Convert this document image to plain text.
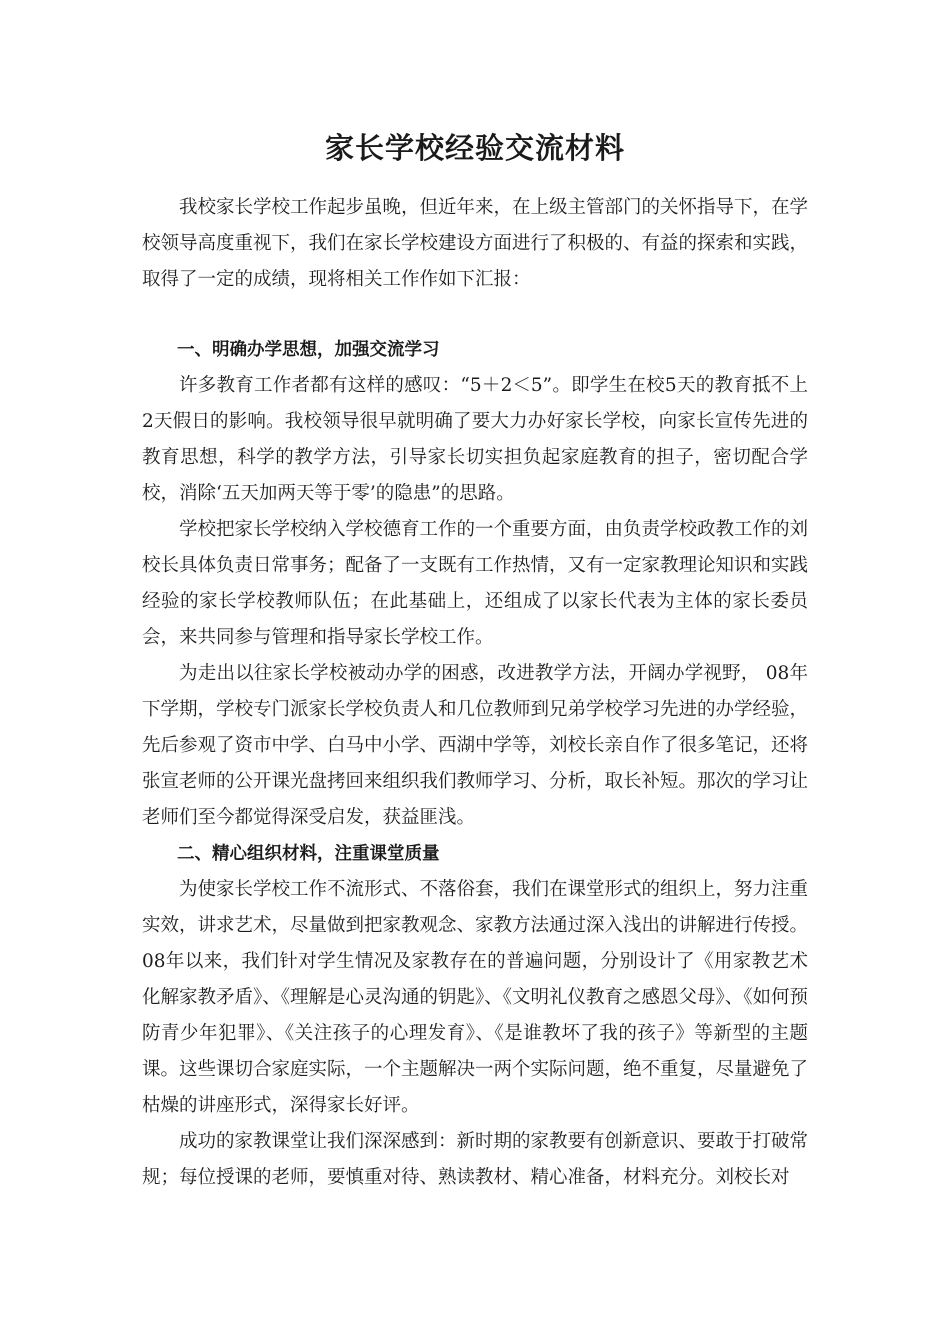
家长学校经验交流材料

我校家长学校工作起步虽晚，但近年来，在上级主管部门的关怀指导下，在学校领导高度重视下，我们在家长学校建设方面进行了积极的、有益的探索和实践，取得了一定的成绩，现将相关工作作如下汇报：

一、明确办学思想，加强交流学习

许多教育工作者都有这样的感叹：“5＋2＜5”。即学生在校5天的教育抵不上2天假日的影响。我校领导很早就明确了要大力办好家长学校，向家长宣传先进的教育思想，科学的教学方法，引导家长切实担负起家庭教育的担子，密切配合学校，消除‘五天加两天等于零’的隐患”的思路。

学校把家长学校纳入学校德育工作的一个重要方面，由负责学校政教工作的刘校长具体负责日常事务；配备了一支既有工作热情，又有一定家教理论知识和实践经验的家长学校教师队伍；在此基础上，还组成了以家长代表为主体的家长委员会，来共同参与管理和指导家长学校工作。

为走出以往家长学校被动办学的困惑，改进教学方法，开阔办学视野， 08年下学期，学校专门派家长学校负责人和几位教师到兄弟学校学习先进的办学经验，先后参观了资市中学、白马中小学、西湖中学等，刘校长亲自作了很多笔记，还将张宣老师的公开课光盘拷回来组织我们教师学习、分析，取长补短。那次的学习让老师们至今都觉得深受启发，获益匪浅。

二、精心组织材料，注重课堂质量

为使家长学校工作不流形式、不落俗套，我们在课堂形式的组织上，努力注重实效，讲求艺术，尽量做到把家教观念、家教方法通过深入浅出的讲解进行传授。08年以来，我们针对学生情况及家教存在的普遍问题，分别设计了《用家教艺术化解家教矛盾》、《理解是心灵沟通的钥匙》、《文明礼仪教育之感恩父母》、《如何预防青少年犯罪》、《关注孩子的心理发育》、《是谁教坏了我的孩子》等新型的主题课。这些课切合家庭实际，一个主题解决一两个实际问题，绝不重复，尽量避免了枯燥的讲座形式，深得家长好评。

成功的家教课堂让我们深深感到：新时期的家教要有创新意识、要敢于打破常规；每位授课的老师，要慎重对待、熟读教材、精心准备，材料充分。刘校长对
